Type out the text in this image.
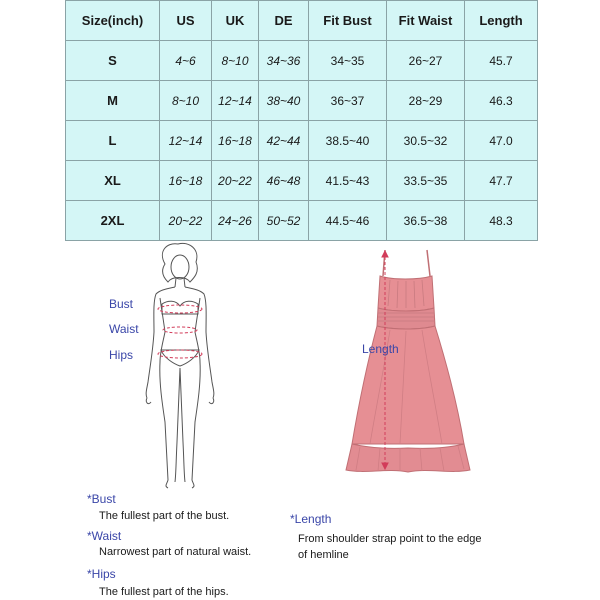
Size(inch)	US	UK	DE	Fit Bust	Fit Waist	Length
S	4~6	8~10	34~36	34~35	26~27	45.7
M	8~10	12~14	38~40	36~37	28~29	46.3
L	12~14	16~18	42~44	38.5~40	30.5~32	47.0
XL	16~18	20~22	46~48	41.5~43	33.5~35	47.7
2XL	20~22	24~26	50~52	44.5~46	36.5~38	48.3
Bust
Waist
Hips	Length
*Bust
The fullest part of the bust.
*Waist
Narrowest part of natural waist.
*Hips
The fullest part of the hips.
*Length
From shoulder strap point to the edge
of hemline
